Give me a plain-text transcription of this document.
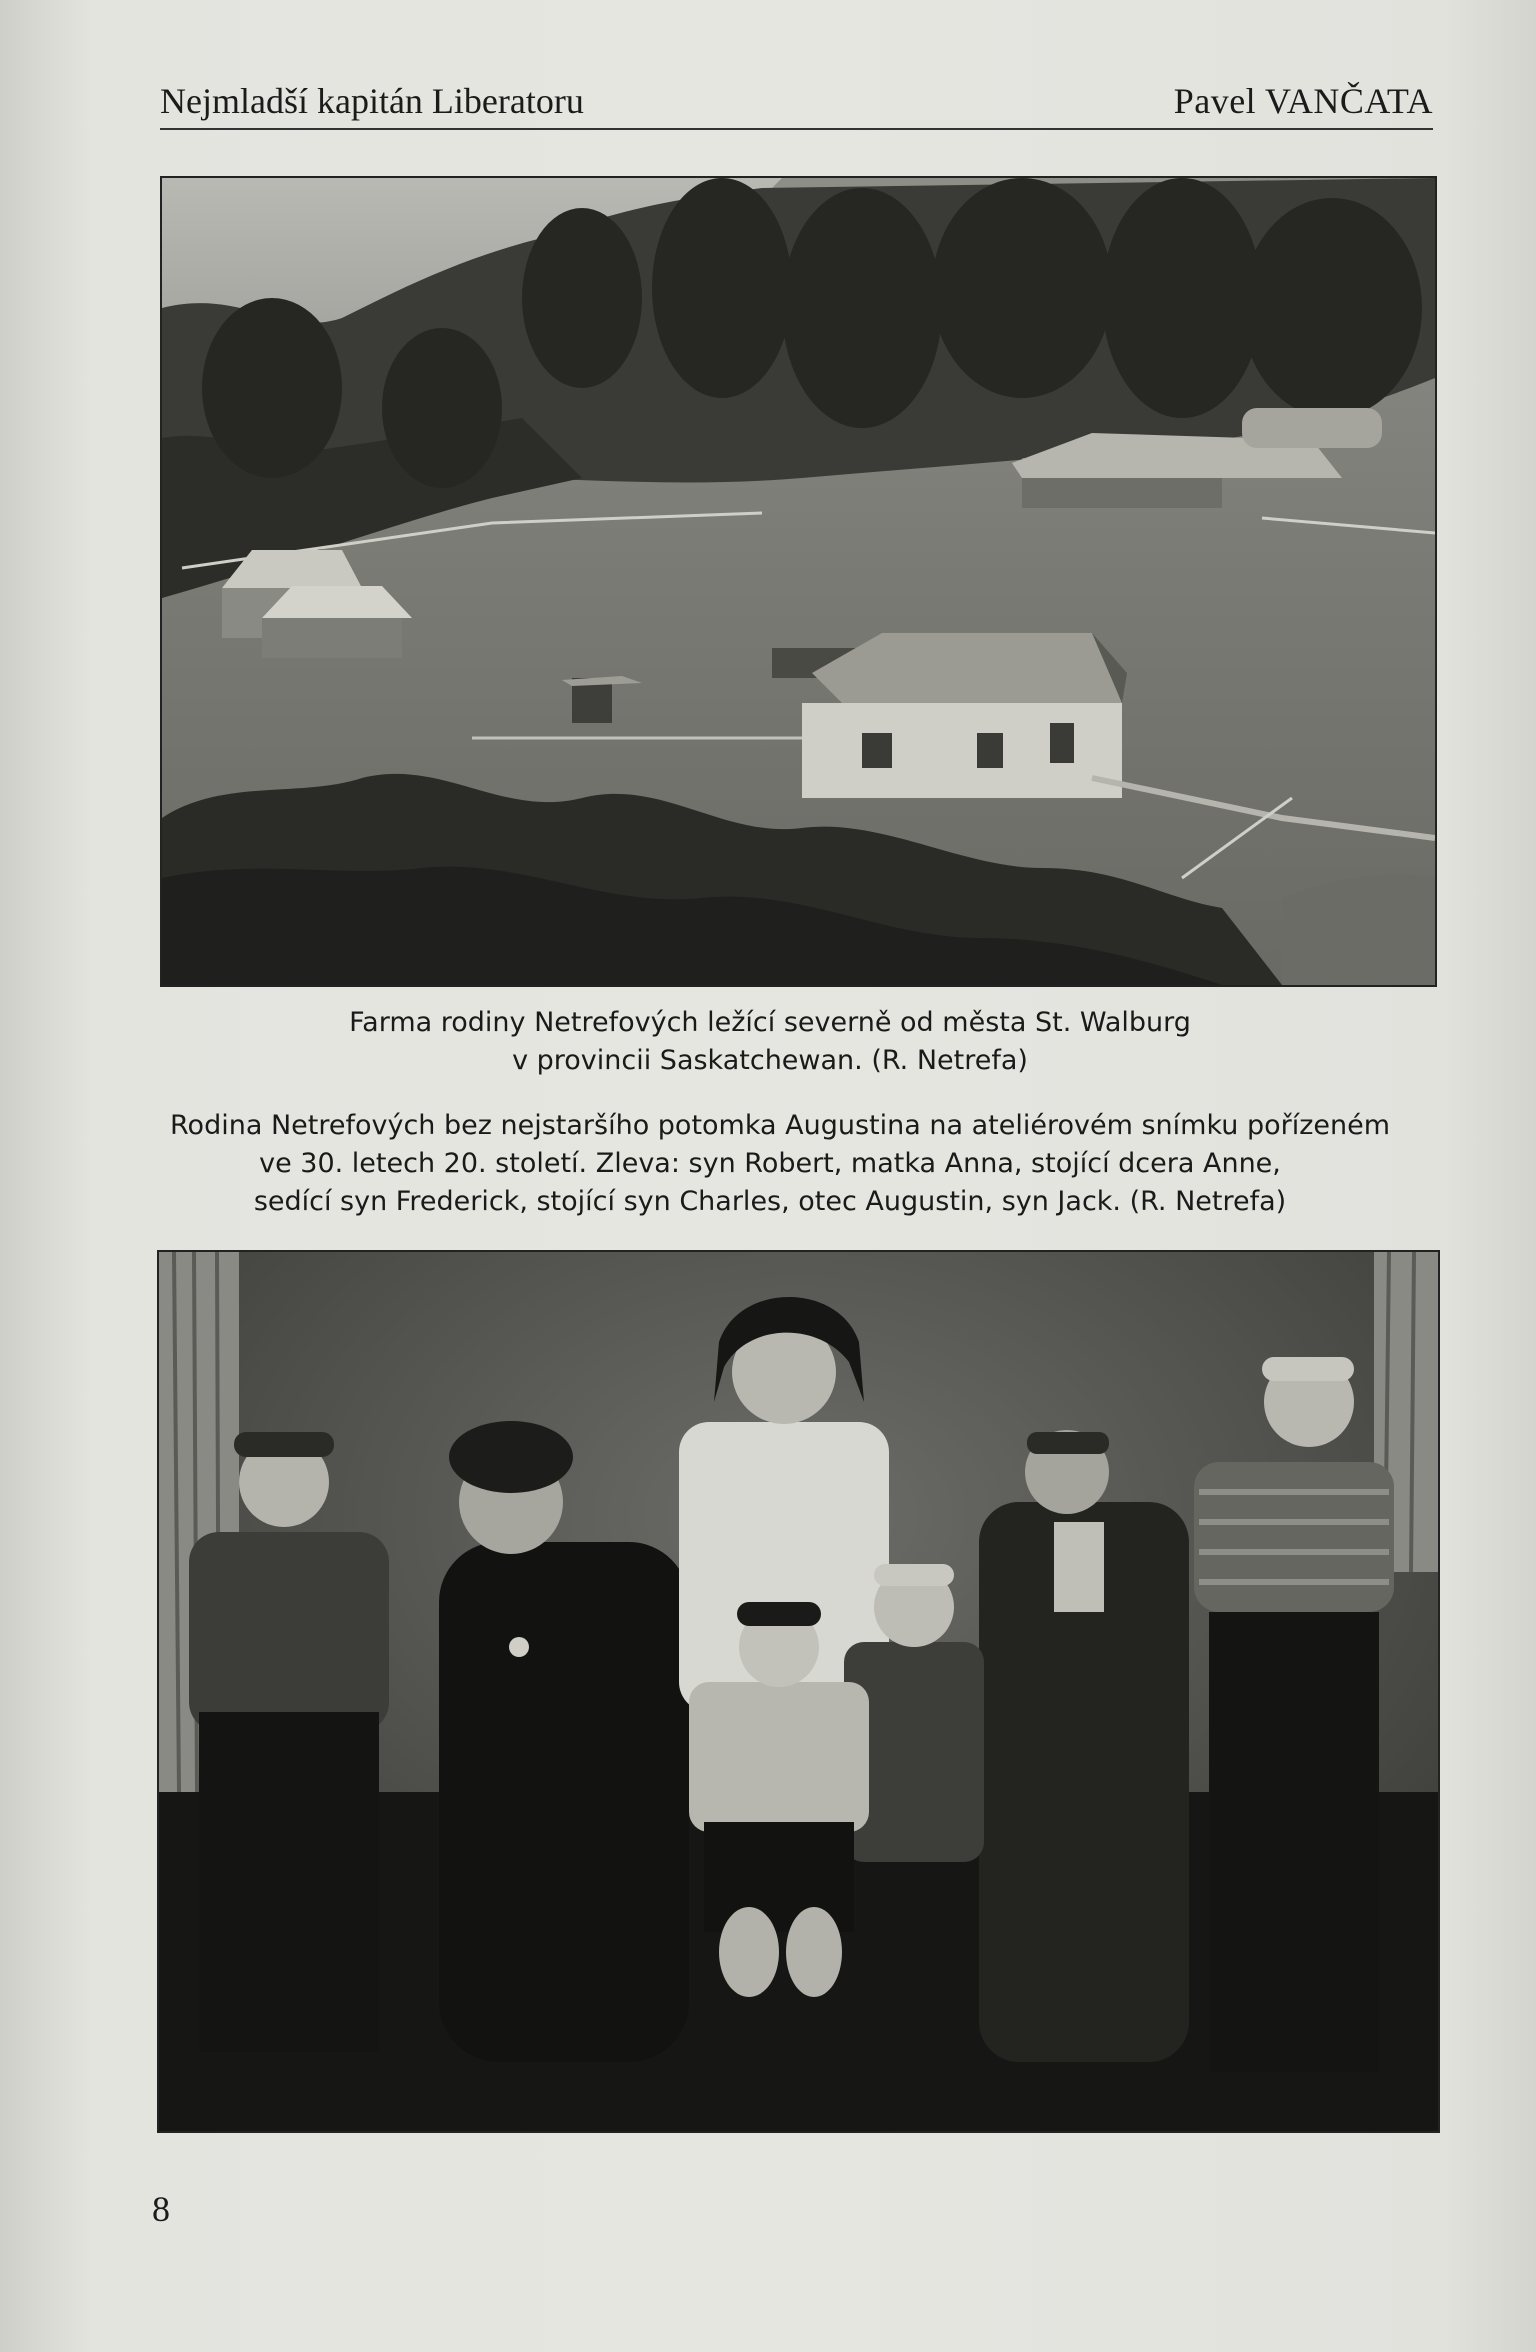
Nejmladší kapitán Liberatoru	Pavel VANČATA
Farma rodiny Netrefových ležící severně od města St. Walburg
v provincii Saskatchewan. (R. Netrefa)
Rodina Netrefových bez nejstaršího potomka Augustina na ateliérovém snímku pořízeném
ve 30. letech 20. století. Zleva: syn Robert, matka Anna, stojící dcera Anne,
sedící syn Frederick, stojící syn Charles, otec Augustin, syn Jack. (R. Netrefa)
8
